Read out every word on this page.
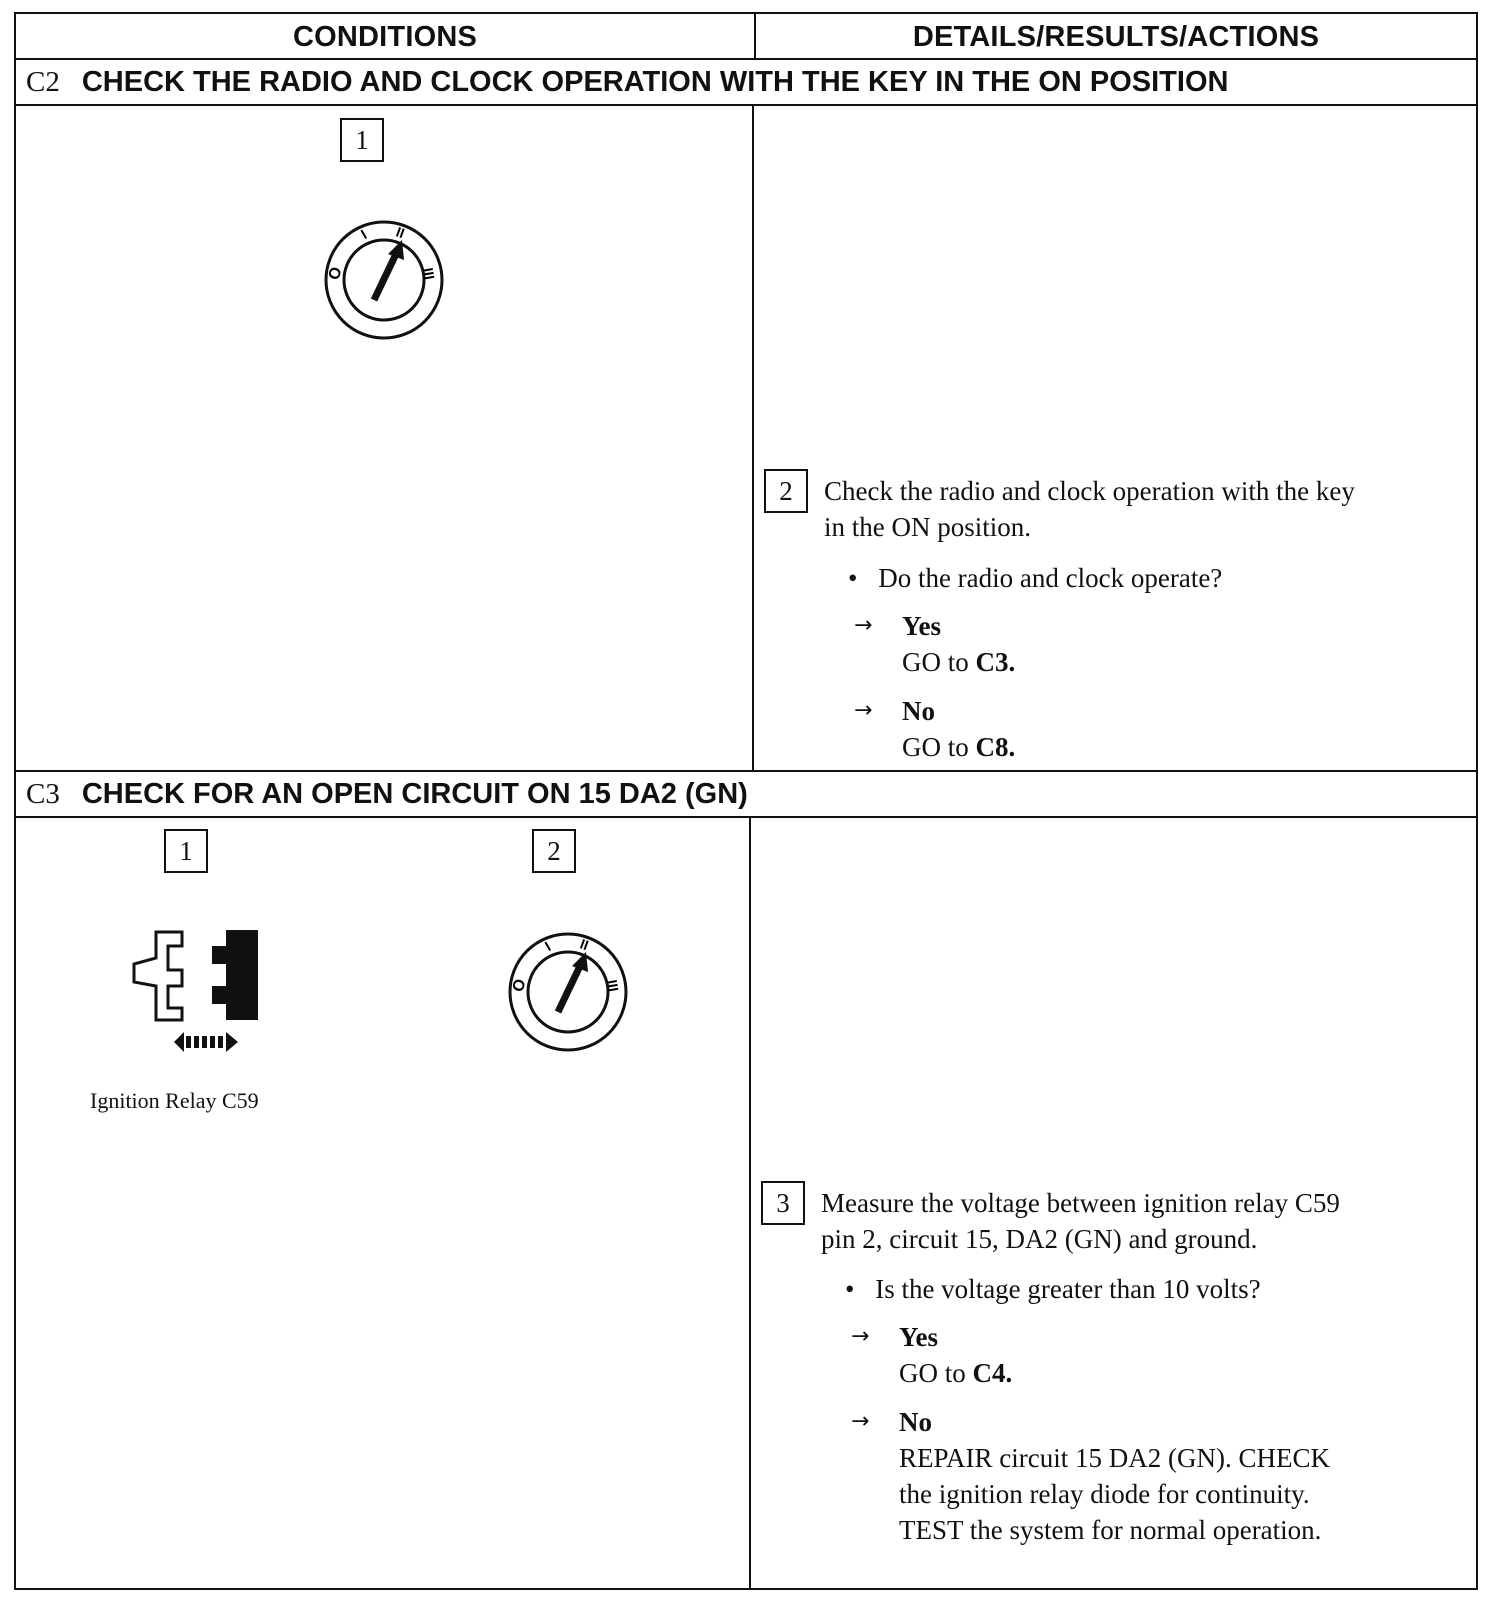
CONDITIONS	DETAILS/RESULTS/ACTIONS
C2 CHECK THE RADIO AND CLOCK OPERATION WITH THE KEY IN THE ON POSITION
1
O
I II
III
2 Check the radio and clock operation with the key
in the ON position.
• Do the radio and clock operate?
→ Yes
GO to C3.
→ No
GO to C8.
C3 CHECK FOR AN OPEN CIRCUIT ON 15 DA2 (GN)
1	2
Ignition Relay C59
O
I II
III
3 Measure the voltage between ignition relay C59
pin 2, circuit 15, DA2 (GN) and ground.
• Is the voltage greater than 10 volts?
→ Yes
GO to C4.
→ No
REPAIR circuit 15 DA2 (GN). CHECK
the ignition relay diode for continuity.
TEST the system for normal operation.
